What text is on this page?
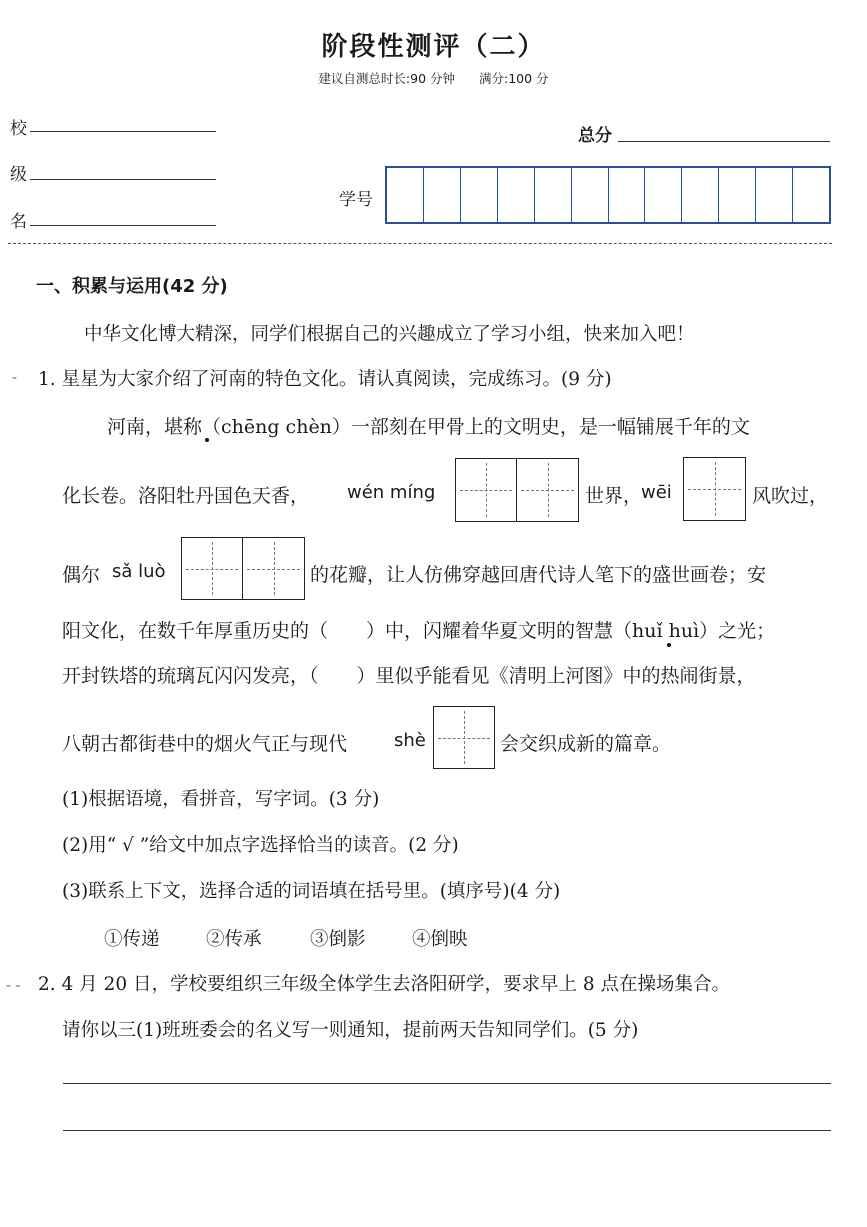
阶段性测评（二）
建议自测总时长:90 分钟 满分:100 分
校
级
名
总分
学号
一、积累与运用(42 分)
中华文化博大精深，同学们根据自己的兴趣成立了学习小组，快来加入吧！
- 1. 星星为大家介绍了河南的特色文化。请认真阅读，完成练习。(9 分)
河南，堪称（chēng chèn）一部刻在甲骨上的文明史，是一幅铺展千年的文
化长卷。洛阳牡丹国色天香， wén míng	世界，
wēi	风吹过，
偶尔 sǎ luò	的花瓣，让人仿佛穿越回唐代诗人笔下的盛世画卷；安
阳文化，在数千年厚重历史的（　　）中，闪耀着华夏文明的智慧（huǐ huì）之光；
开封铁塔的琉璃瓦闪闪发亮，（　　）里似乎能看见《清明上河图》中的热闹街景，
八朝古都街巷中的烟火气正与现代	shè	会交织成新的篇章。
(1)根据语境，看拼音，写字词。(3 分)
(2)用“ √ ”给文中加点字选择恰当的读音。(2 分)
(3)联系上下文，选择合适的词语填在括号里。(填序号)(4 分)
①传递	②传承	③倒影	④倒映
- - 2. 4 月 20 日，学校要组织三年级全体学生去洛阳研学，要求早上 8 点在操场集合。
请你以三(1)班班委会的名义写一则通知，提前两天告知同学们。(5 分)
